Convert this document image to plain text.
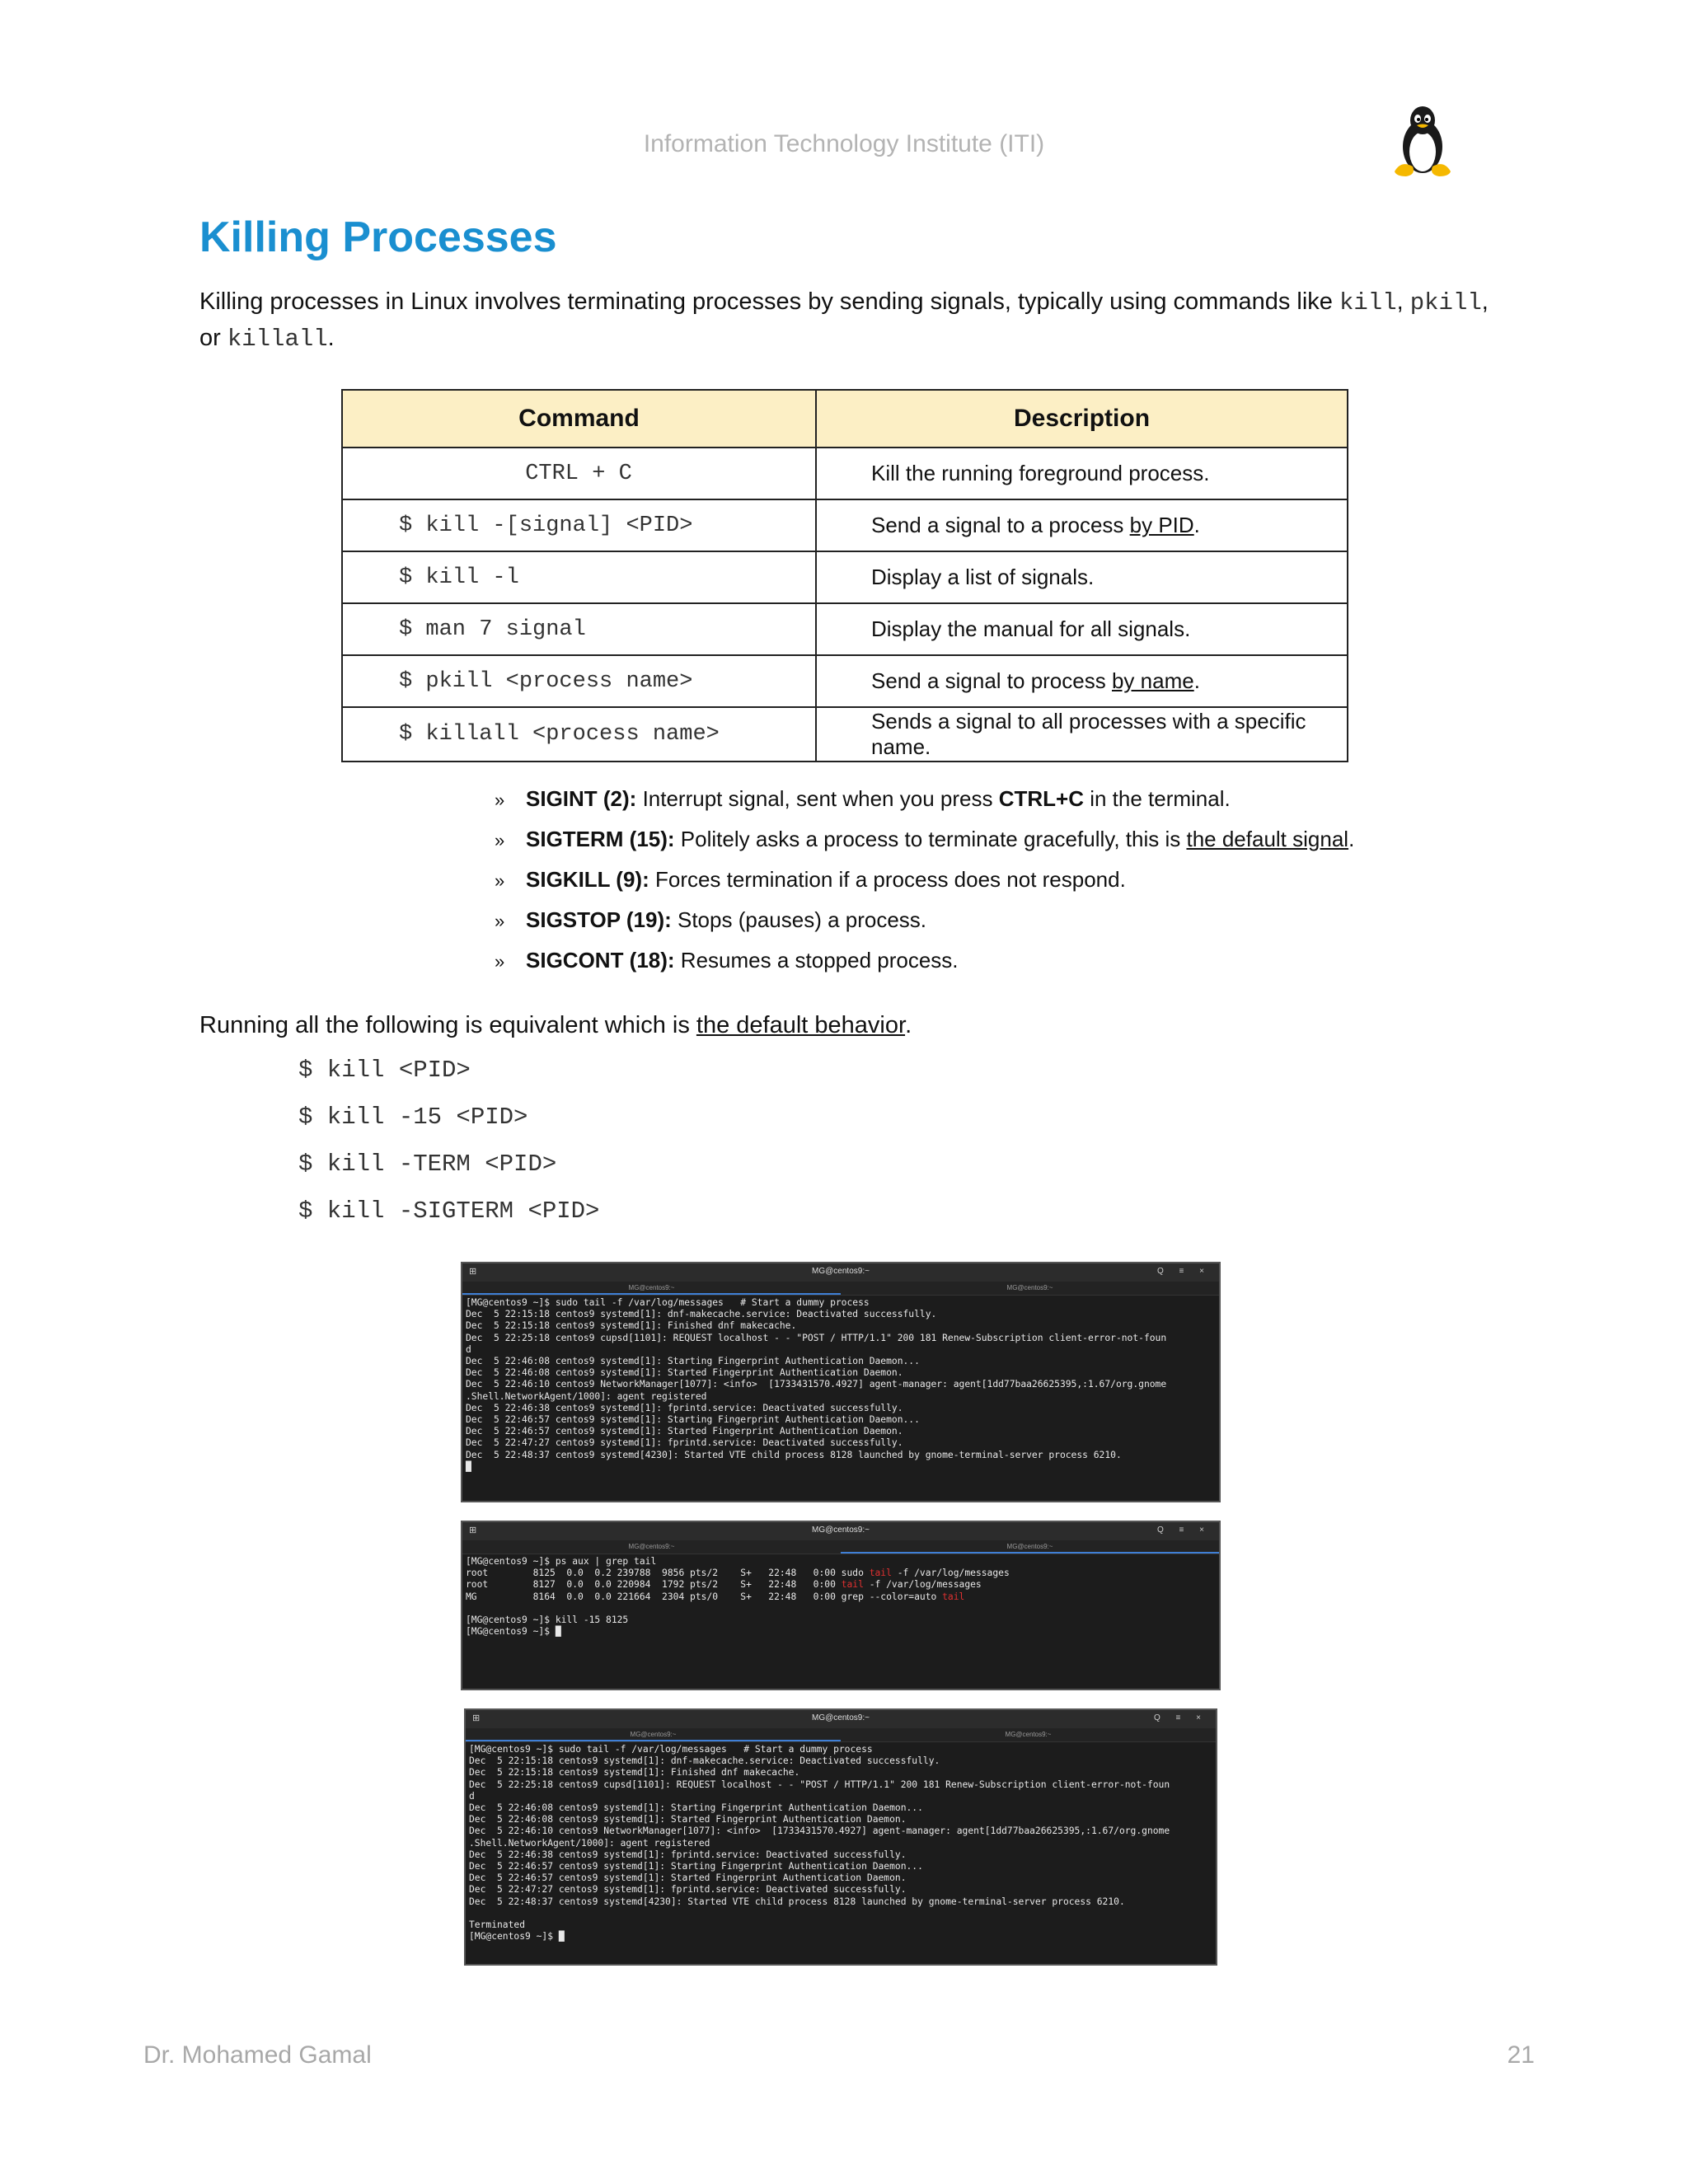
Information Technology Institute (ITI)
Killing Processes
Killing processes in Linux involves terminating processes by sending signals, typically using commands like kill, pkill,
or killall.
Command	Description
CTRL + C	Kill the running foreground process.
$ kill -[signal] <PID>	Send a signal to a process by PID.
$ kill -l	Display a list of signals.
$ man 7 signal	Display the manual for all signals.
$ pkill <process name>	Send a signal to process by name.
$ killall <process name>	Sends a signal to all processes with a specific name.
» SIGINT (2): Interrupt signal, sent when you press CTRL+C in the terminal.
» SIGTERM (15): Politely asks a process to terminate gracefully, this is the default signal.
» SIGKILL (9): Forces termination if a process does not respond.
» SIGSTOP (19): Stops (pauses) a process.
» SIGCONT (18): Resumes a stopped process.
Running all the following is equivalent which is the default behavior.
$ kill <PID>
$ kill -15 <PID>
$ kill -TERM <PID>
$ kill -SIGTERM <PID>
⊞	MG@centos9:~	Q ≡ ×
MG@centos9:~	MG@centos9:~
[MG@centos9 ~]$ sudo tail -f /var/log/messages   # Start a dummy process
Dec  5 22:15:18 centos9 systemd[1]: dnf-makecache.service: Deactivated successfully.
Dec  5 22:15:18 centos9 systemd[1]: Finished dnf makecache.
Dec  5 22:25:18 centos9 cupsd[1101]: REQUEST localhost - - "POST / HTTP/1.1" 200 181 Renew-Subscription client-error-not-foun
d
Dec  5 22:46:08 centos9 systemd[1]: Starting Fingerprint Authentication Daemon...
Dec  5 22:46:08 centos9 systemd[1]: Started Fingerprint Authentication Daemon.
Dec  5 22:46:10 centos9 NetworkManager[1077]: <info>  [1733431570.4927] agent-manager: agent[1dd77baa26625395,:1.67/org.gnome
.Shell.NetworkAgent/1000]: agent registered
Dec  5 22:46:38 centos9 systemd[1]: fprintd.service: Deactivated successfully.
Dec  5 22:46:57 centos9 systemd[1]: Starting Fingerprint Authentication Daemon...
Dec  5 22:46:57 centos9 systemd[1]: Started Fingerprint Authentication Daemon.
Dec  5 22:47:27 centos9 systemd[1]: fprintd.service: Deactivated successfully.
Dec  5 22:48:37 centos9 systemd[4230]: Started VTE child process 8128 launched by gnome-terminal-server process 6210.
█
⊞	MG@centos9:~	Q ≡ ×
MG@centos9:~	MG@centos9:~
[MG@centos9 ~]$ ps aux | grep tail
root        8125  0.0  0.2 239788  9856 pts/2    S+   22:48   0:00 sudo tail -f /var/log/messages
root        8127  0.0  0.0 220984  1792 pts/2    S+   22:48   0:00 tail -f /var/log/messages
MG          8164  0.0  0.0 221664  2304 pts/0    S+   22:48   0:00 grep --color=auto tail

[MG@centos9 ~]$ kill -15 8125
[MG@centos9 ~]$ █
⊞	MG@centos9:~	Q ≡ ×
MG@centos9:~	MG@centos9:~
[MG@centos9 ~]$ sudo tail -f /var/log/messages   # Start a dummy process
Dec  5 22:15:18 centos9 systemd[1]: dnf-makecache.service: Deactivated successfully.
Dec  5 22:15:18 centos9 systemd[1]: Finished dnf makecache.
Dec  5 22:25:18 centos9 cupsd[1101]: REQUEST localhost - - "POST / HTTP/1.1" 200 181 Renew-Subscription client-error-not-foun
d
Dec  5 22:46:08 centos9 systemd[1]: Starting Fingerprint Authentication Daemon...
Dec  5 22:46:08 centos9 systemd[1]: Started Fingerprint Authentication Daemon.
Dec  5 22:46:10 centos9 NetworkManager[1077]: <info>  [1733431570.4927] agent-manager: agent[1dd77baa26625395,:1.67/org.gnome
.Shell.NetworkAgent/1000]: agent registered
Dec  5 22:46:38 centos9 systemd[1]: fprintd.service: Deactivated successfully.
Dec  5 22:46:57 centos9 systemd[1]: Starting Fingerprint Authentication Daemon...
Dec  5 22:46:57 centos9 systemd[1]: Started Fingerprint Authentication Daemon.
Dec  5 22:47:27 centos9 systemd[1]: fprintd.service: Deactivated successfully.
Dec  5 22:48:37 centos9 systemd[4230]: Started VTE child process 8128 launched by gnome-terminal-server process 6210.

Terminated
[MG@centos9 ~]$ █
Dr. Mohamed Gamal	21
